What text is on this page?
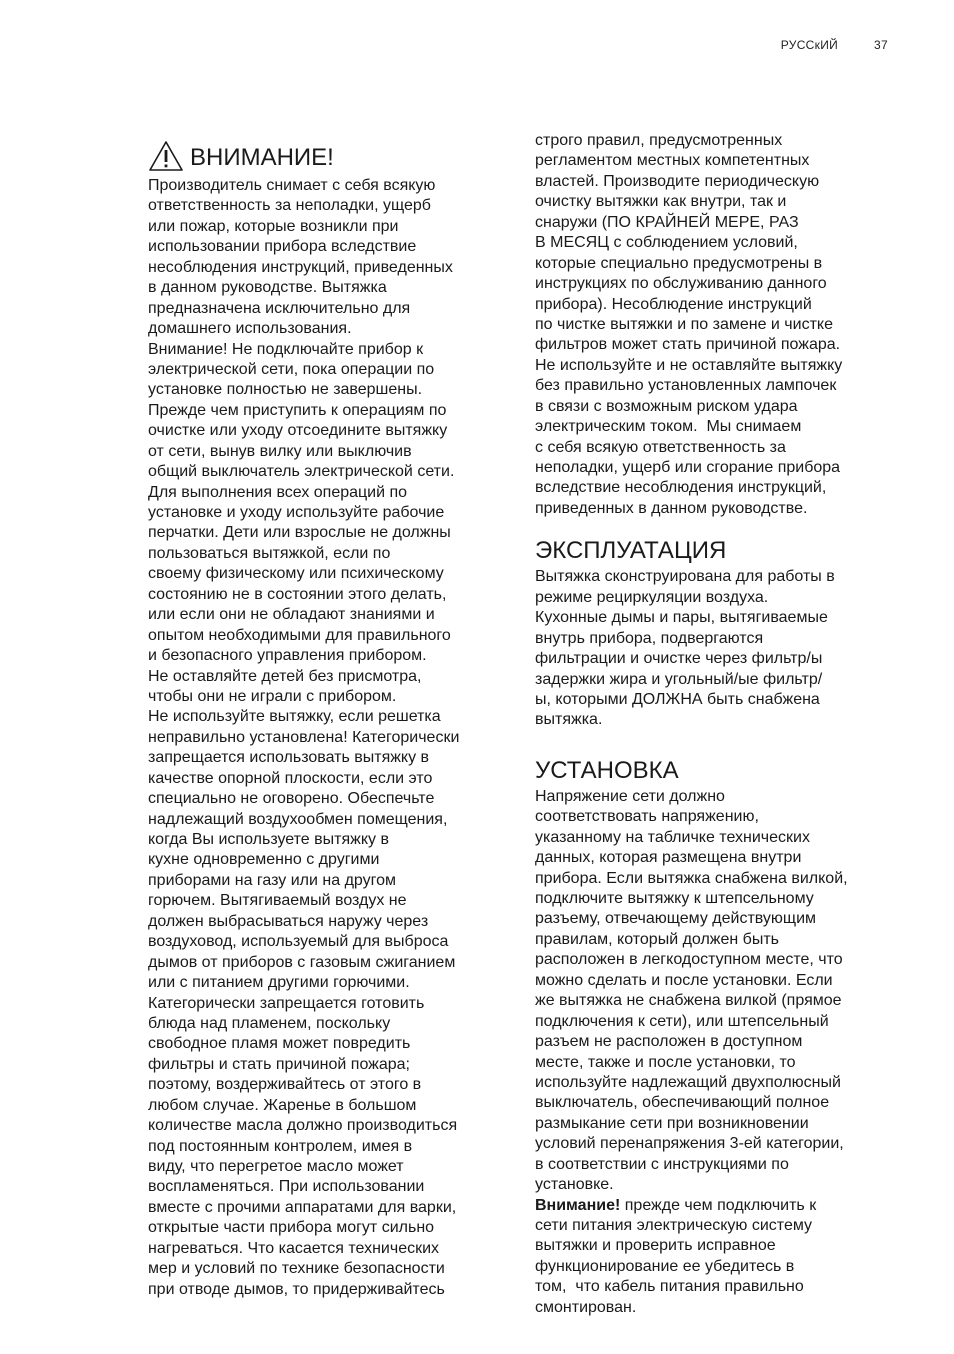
РУССкИЙ	37
ВНИМАНИЕ!
Производитель снимает с себя всякую
ответственность за неполадки, ущерб
или пожар, которые возникли при
использовании прибора вследствие
несоблюдения инструкций, приведенных
в данном руководстве. Вытяжка
предназначена исключительно для
домашнего использования.
Внимание! Не подключайте прибор к
электрической сети, пока операции по
установке полностью не завершены.
Прежде чем приступить к операциям по
очистке или уходу отсоедините вытяжку
от сети, вынув вилку или выключив
общий выключатель электрической сети.
Для выполнения всех операций по
установке и уходу используйте рабочие
перчатки. Дети или взрослые не должны
пользоваться вытяжкой, если по
своему физическому или психическому
состоянию не в состоянии этого делать,
или если они не обладают знаниями и
опытом необходимыми для правильного
и безопасного управления прибором.
Не оставляйте детей без присмотра,
чтобы они не играли с прибором.
Не используйте вытяжку, если решетка
неправильно установлена! Категорически
запрещается использовать вытяжку в
качестве опорной плоскости, если это
специально не оговорено. Обеспечьте
надлежащий воздухообмен помещения,
когда Вы используете вытяжку в
кухне одновременно с другими
приборами на газу или на другом
горючем. Вытягиваемый воздух не
должен выбрасываться наружу через
воздуховод, используемый для выброса
дымов от приборов с газовым сжиганием
или с питанием другими горючими.
Категорически запрещается готовить
блюда над пламенем, поскольку
свободное пламя может повредить
фильтры и стать причиной пожара;
поэтому, воздерживайтесь от этого в
любом случае. Жаренье в большом
количестве масла должно производиться
под постоянным контролем, имея в
виду, что перегретое масло может
воспламеняться. При использовании
вместе с прочими аппаратами для варки,
открытые части прибора могут сильно
нагреваться. Что касается технических
мер и условий по технике безопасности
при отводе дымов, то придерживайтесь
строго правил, предусмотренных
регламентом местных компетентных
властей. Производите периодическую
очистку вытяжки как внутри, так и
снаружи (ПО КРАЙНЕЙ МЕРЕ, РАЗ
В МЕСЯЦ с соблюдением условий,
которые специально предусмотрены в
инструкциях по обслуживанию данного
прибора). Несоблюдение инструкций
по чистке вытяжки и по замене и чистке
фильтров может стать причиной пожара.
Не используйте и не оставляйте вытяжку
без правильно установленных лампочек
в связи с возможным риском удара
электрическим током.  Мы снимаем
с себя всякую ответственность за
неполадки, ущерб или сгорание прибора
вследствие несоблюдения инструкций,
приведенных в данном руководстве.
ЭКСПЛУАТАЦИЯ
Вытяжка сконструирована для работы в
режиме рециркуляции воздуха.
Кухонные дымы и пары, вытягиваемые
внутрь прибора, подвергаются
фильтрации и очистке через фильтр/ы
задержки жира и угольный/ые фильтр/
ы, которыми ДОЛЖНА быть снабжена
вытяжка.
УСТАНОВКА
Напряжение сети должно
соответствовать напряжению,
указанному на табличке технических
данных, которая размещена внутри
прибора. Если вытяжка снабжена вилкой,
подключите вытяжку к штепсельному
разъему, отвечающему действующим
правилам, который должен быть
расположен в легкодоступном месте, что
можно сделать и после установки. Если
же вытяжка не снабжена вилкой (прямое
подключения к сети), или штепсельный
разъем не расположен в доступном
месте, также и после установки, то
используйте надлежащий двухполюсный
выключатель, обеспечивающий полное
размыкание сети при возникновении
условий перенапряжения 3-ей категории,
в соответствии с инструкциями по
установке.
Внимание! прежде чем подключить к
сети питания электрическую систему
вытяжки и проверить исправное
функционирование ее убедитесь в
том,  что кабель питания правильно
смонтирован.
